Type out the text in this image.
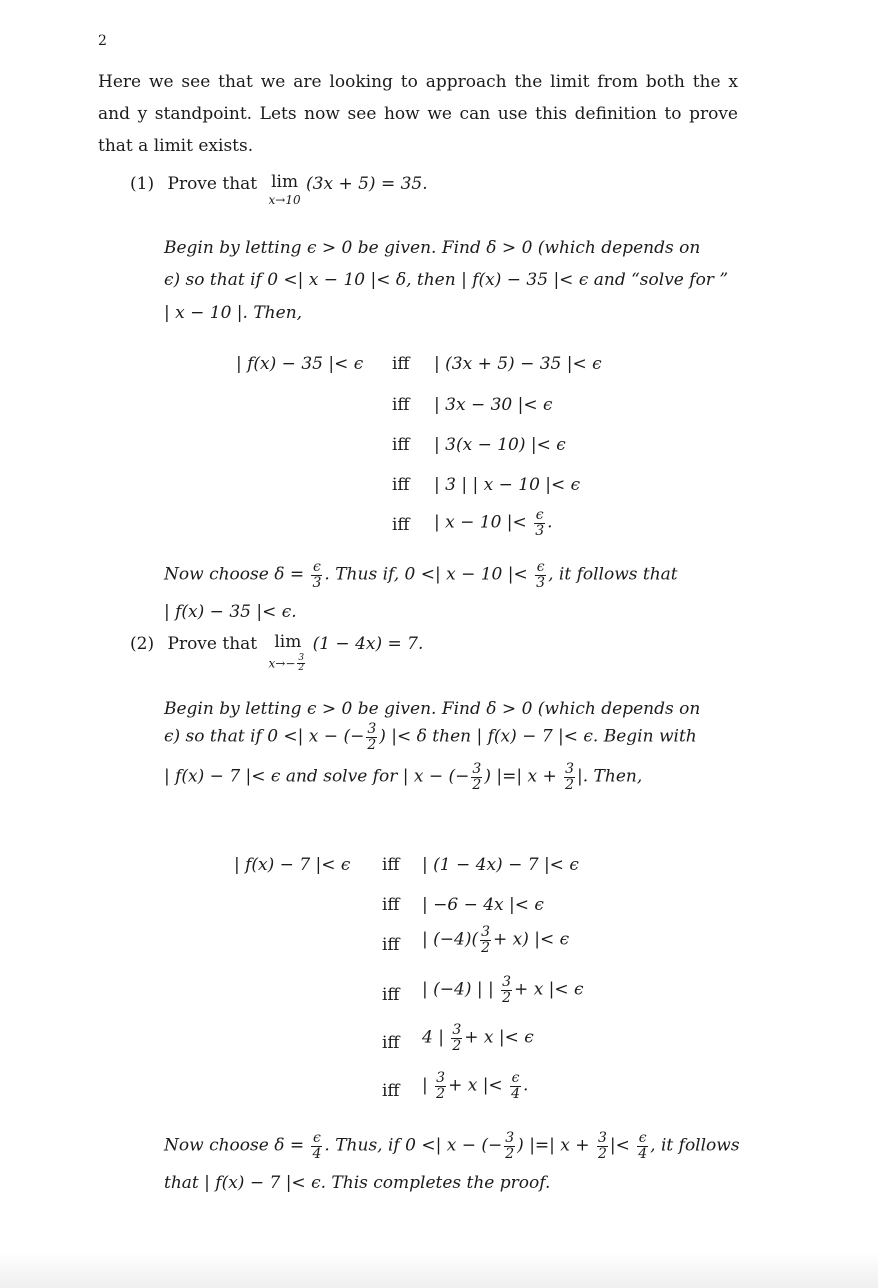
2
Here we see that we are looking to approach the limit from both the x and y standpoint. Lets now see how we can use this definition to prove that a limit exists.
(1) Prove that lim
x→10
(3x + 5) = 35.
Begin by letting ϵ > 0 be given. Find δ > 0 (which depends on
ϵ) so that if 0 <| x − 10 |< δ, then | f(x) − 35 |< ϵ and “solve for ”
| x − 10 |. Then,
| f(x) − 35 |< ϵ iff | (3x + 5) − 35 |< ϵ
iff | 3x − 30 |< ϵ
iff | 3(x − 10) |< ϵ
iff | 3 | | x − 10 |< ϵ
iff | x − 10 |< $\frac{\epsilon}{3}$ .
Now choose $\delta = \frac{\epsilon}{3}$ . Thus if, 0 <| x − 10 |< $\frac{\epsilon}{3}$ , it follows that
| f(x) − 35 |< ϵ.
(2) Prove that lim
$x\to- \frac{3}{2}$
(1 − 4x) = 7.
Begin by letting ϵ > 0 be given. Find δ > 0 (which depends on
ϵ) so that if 0 <| x − (− $\frac{3}{2}$ ) |< δ then | f(x) − 7 |< ϵ. Begin with
| f(x) − 7 |< ϵ and solve for | x − (− $\frac{3}{2}$ ) |=| $x + \frac{3}{2}$ |. Then,
| f(x) − 7 |< ϵ iff | (1 − 4x) − 7 |< ϵ
iff | −6 − 4x |< ϵ
iff | $(-4)( \frac{3}{2} + x)$ |< ϵ
iff | (−4) | | $\frac{3}{2} + x$ |< ϵ
iff 4 | $\frac{3}{2} + x$ |< ϵ
iff | $\frac{3}{2} + x$ |< $\frac{\epsilon}{4}$ .
Now choose $\delta = \frac{\epsilon}{4}$ . Thus, if 0 <| x − (− $\frac{3}{2}$ ) |=| $x + \frac{3}{2}$ |< $\frac{\epsilon}{4}$ , it follows
that | f(x) − 7 |< ϵ. This completes the proof.
